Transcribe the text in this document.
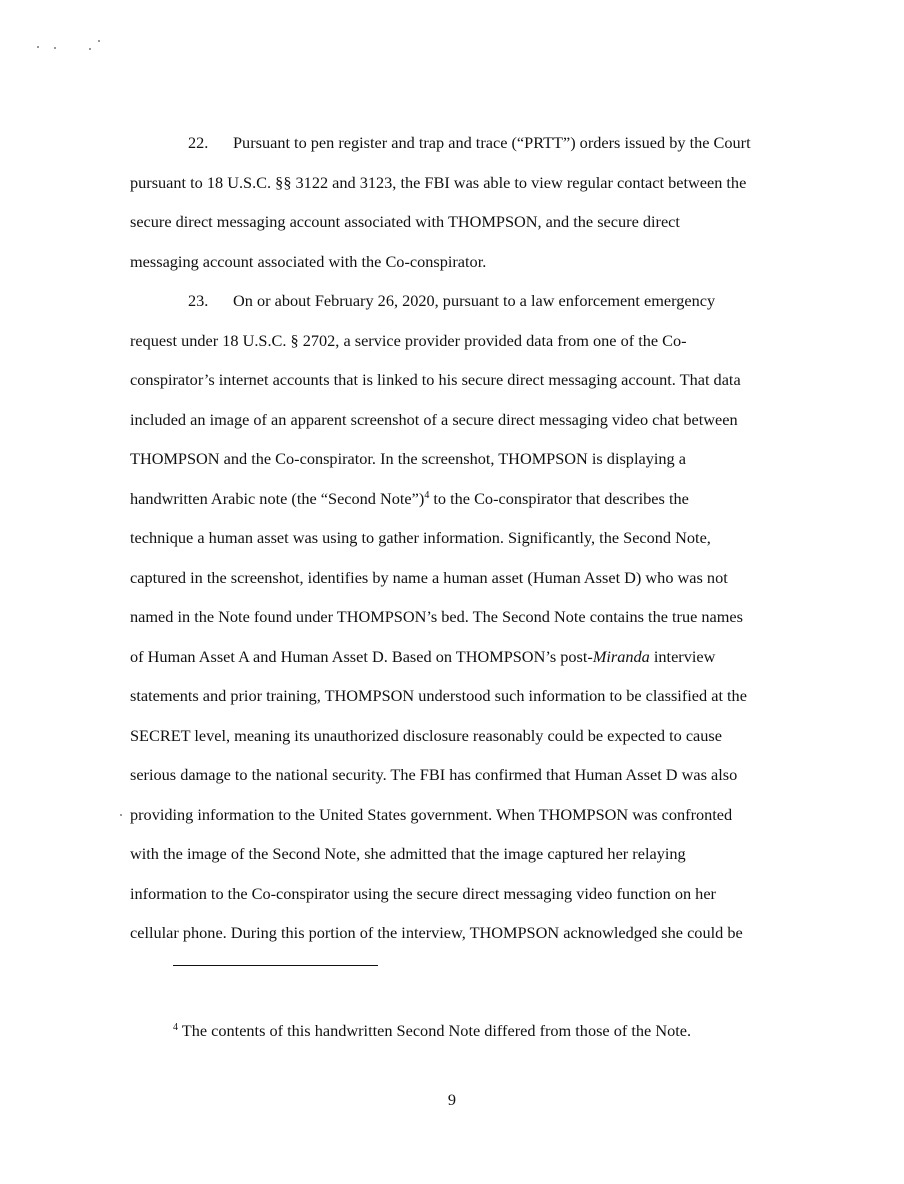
22. Pursuant to pen register and trap and trace (“PRTT”) orders issued by the Court
pursuant to 18 U.S.C. §§ 3122 and 3123, the FBI was able to view regular contact between the
secure direct messaging account associated with THOMPSON, and the secure direct
messaging account associated with the Co-conspirator.
23. On or about February 26, 2020, pursuant to a law enforcement emergency
request under 18 U.S.C. § 2702, a service provider provided data from one of the Co-
conspirator’s internet accounts that is linked to his secure direct messaging account. That data
included an image of an apparent screenshot of a secure direct messaging video chat between
THOMPSON and the Co-conspirator. In the screenshot, THOMPSON is displaying a
handwritten Arabic note (the “Second Note”)$^4$ to the Co-conspirator that describes the
technique a human asset was using to gather information. Significantly, the Second Note,
captured in the screenshot, identifies by name a human asset (Human Asset D) who was not
named in the Note found under THOMPSON’s bed. The Second Note contains the true names
of Human Asset A and Human Asset D. Based on THOMPSON’s post-Miranda interview
statements and prior training, THOMPSON understood such information to be classified at the
SECRET level, meaning its unauthorized disclosure reasonably could be expected to cause
serious damage to the national security. The FBI has confirmed that Human Asset D was also
providing information to the United States government. When THOMPSON was confronted
with the image of the Second Note, she admitted that the image captured her relaying
information to the Co-conspirator using the secure direct messaging video function on her
cellular phone. During this portion of the interview, THOMPSON acknowledged she could be

$^4$ The contents of this handwritten Second Note differed from those of the Note.

9
